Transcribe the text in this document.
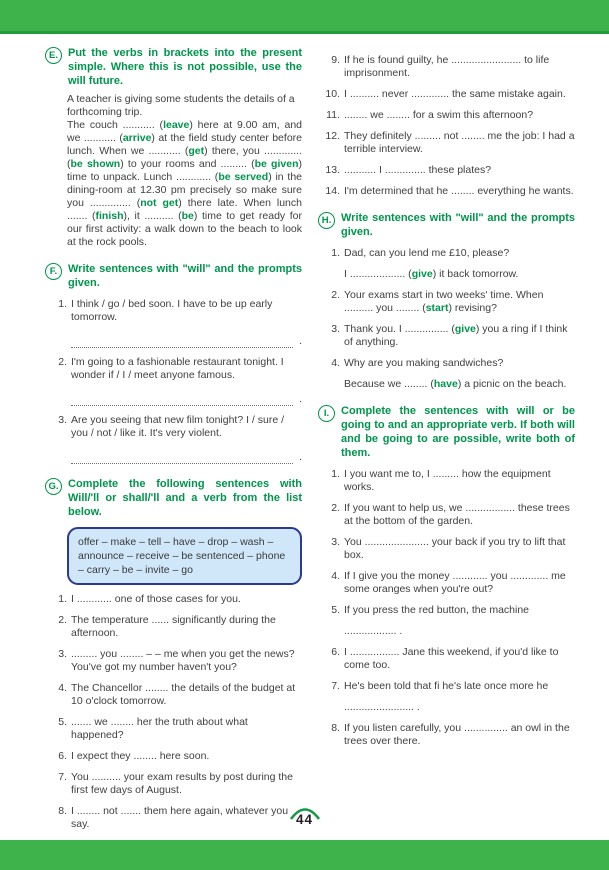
E. Put the verbs in brackets into the present simple. Where this is not possible, use the will future.
A teacher is giving some students the details of a forthcoming trip.
The couch ........... (leave) here at 9.00 am, and we ........... (arrive) at the field study center before lunch. When we ........... (get) there, you ............. (be shown) to your rooms and ......... (be given) time to unpack. Lunch ............ (be served) in the dining-room at 12.30 pm precisely so make sure you .............. (not get) there late. When lunch ....... (finish), it .......... (be) time to get ready for our first activity: a walk down to the beach to look at the rock pools.
F. Write sentences with "will" and the prompts given.
1. I think / go / bed soon. I have to be up early tomorrow.
.
2. I'm going to a fashionable restaurant tonight. I wonder if / I / meet anyone famous.
.
3. Are you seeing that new film tonight? I / sure / you / not / like it. It's very violent.
.
G. Complete the following sentences with Will/'ll or shall/'ll and a verb from the list below.
offer – make – tell – have – drop – wash – announce – receive – be sentenced – phone – carry – be – invite – go
1. I ............ one of those cases for you.
2. The temperature ...... significantly during the afternoon.
3. ......... you ........ – – me when you get the news? You've got my number haven't you?
4. The Chancellor ........ the details of the budget at 10 o'clock tomorrow.
5. ....... we ........ her the truth about what happened?
6. I expect they ........ here soon.
7. You .......... your exam results by post during the first few days of August.
8. I ........ not ....... them here again, whatever you say.
9. If he is found guilty, he ........................ to life imprisonment.
10. I .......... never ............. the same mistake again.
11. ........ we ........ for a swim this afternoon?
12. They definitely ......... not ........ me the job: I had a terrible interview.
13. ........... I .............. these plates?
14. I'm determined that he ........ everything he wants.
H. Write sentences with "will" and the prompts given.
1. Dad, can you lend me £10, please?
I ................... (give) it back tomorrow.
2. Your exams start in two weeks' time. When .......... you ........ (start) revising?
3. Thank you. I ............... (give) you a ring if I think of anything.
4. Why are you making sandwiches?
Because we ........ (have) a picnic on the beach.
I.	Complete the sentences with will or be going to and an appropriate verb. If both will and be going to are possible, write both of them.
1. I you want me to, I ......... how the equipment works.
2. If you want to help us, we ................. these trees at the bottom of the garden.
3. You ...................... your back if you try to lift that box.
4. If I give you the money ............ you ............. me some oranges when you're out?
5. If you press the red button, the machine
.................. .
6. I ................. Jane this weekend, if you'd like to come too.
7. He's been told that fi he's late once more he
........................ .
8. If you listen carefully, you ............... an owl in the trees over there.
44
